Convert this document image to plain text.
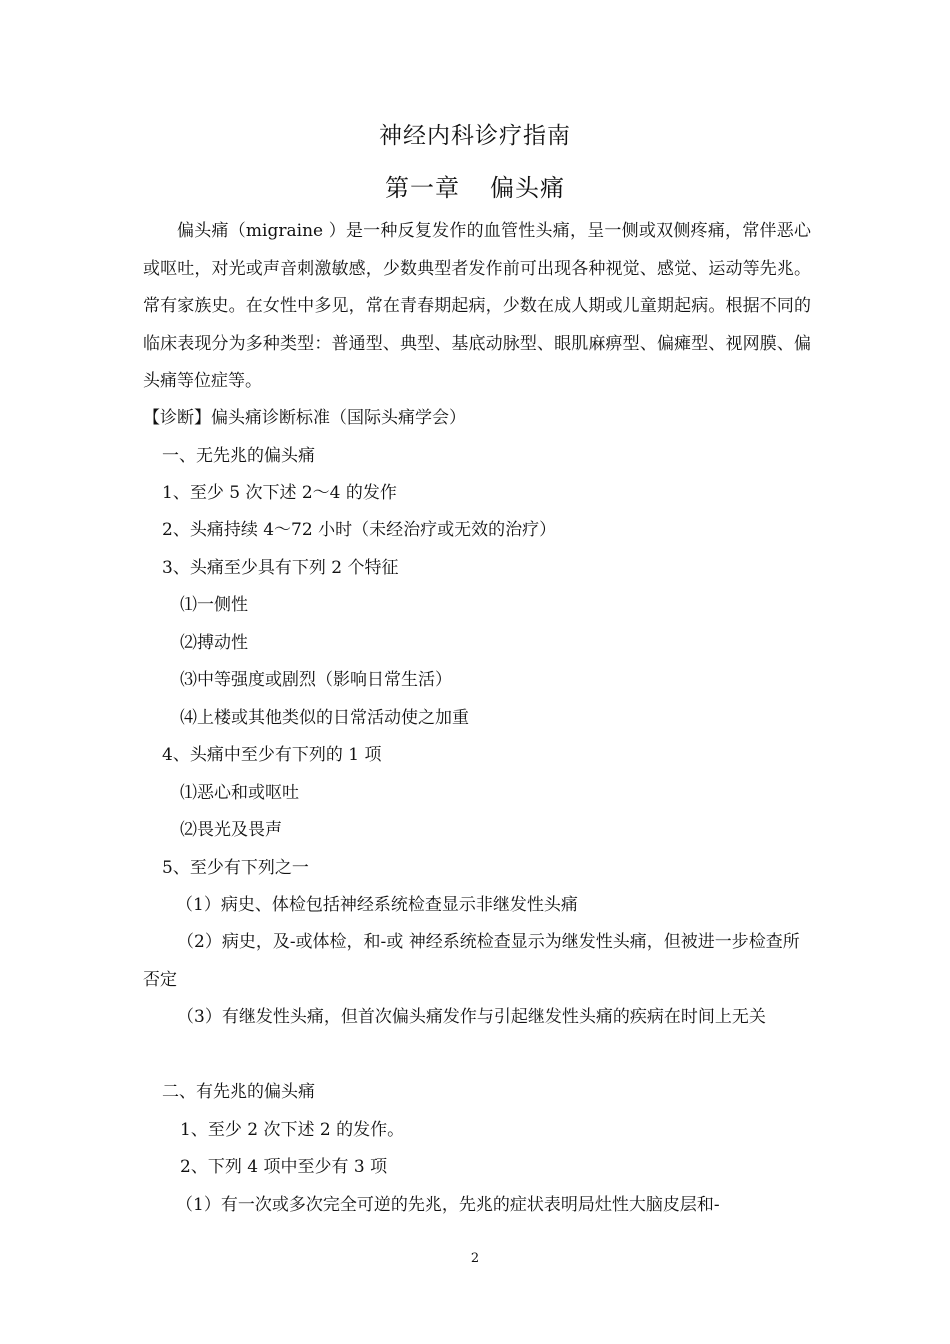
神经内科诊疗指南
第一章 偏头痛

偏头痛（migraine ）是一种反复发作的血管性头痛，呈一侧或双侧疼痛，常伴恶心或呕吐，对光或声音刺激敏感，少数典型者发作前可出现各种视觉、感觉、运动等先兆。常有家族史。在女性中多见，常在青春期起病，少数在成人期或儿童期起病。根据不同的临床表现分为多种类型：普通型、典型、基底动脉型、眼肌麻痹型、偏瘫型、视网膜、偏头痛等位症等。

【诊断】偏头痛诊断标准（国际头痛学会）
一、无先兆的偏头痛
1、至少 5 次下述 2～4 的发作
2、头痛持续 4～72 小时（未经治疗或无效的治疗）
3、头痛至少具有下列 2 个特征
⑴一侧性
⑵搏动性
⑶中等强度或剧烈（影响日常生活）
⑷上楼或其他类似的日常活动使之加重
4、头痛中至少有下列的 1 项
⑴恶心和或呕吐
⑵畏光及畏声
5、至少有下列之一
（1）病史、体检包括神经系统检查显示非继发性头痛

（2）病史，及-或体检，和-或 神经系统检查显示为继发性头痛，但被进一步检查所否定

（3）有继发性头痛，但首次偏头痛发作与引起继发性头痛的疾病在时间上无关

二、有先兆的偏头痛
1、至少 2 次下述 2 的发作。
2、下列 4 项中至少有 3 项
（1）有一次或多次完全可逆的先兆，先兆的症状表明局灶性大脑皮层和-
2
